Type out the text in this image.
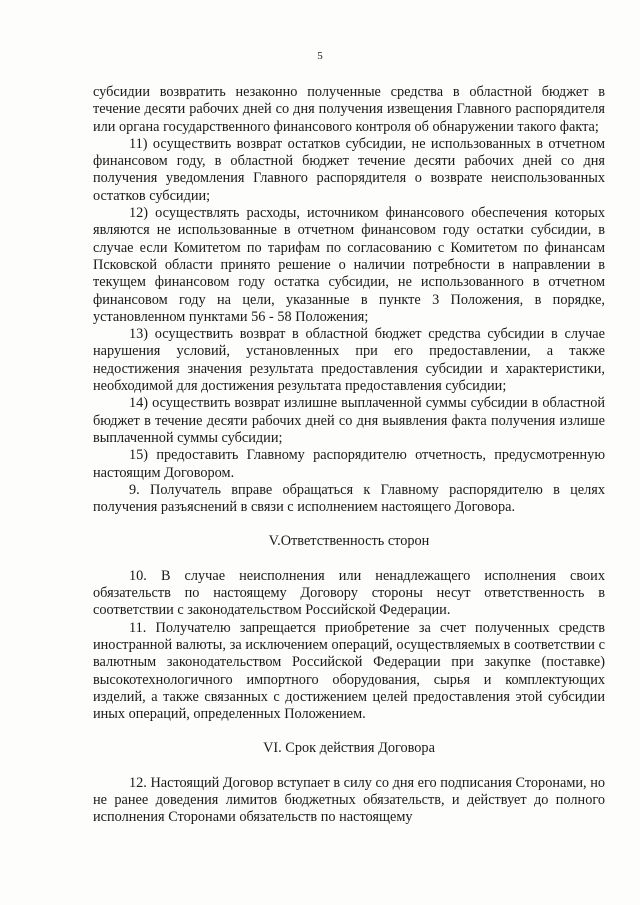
5

субсидии возвратить незаконно полученные средства в областной бюджет в течение десяти рабочих дней со дня получения извещения Главного распорядителя или органа государственного финансового контроля об обнаружении такого факта;

11) осуществить возврат остатков субсидии, не использованных в отчетном финансовом году, в областной бюджет течение десяти рабочих дней со дня получения уведомления Главного распорядителя о возврате неиспользованных остатков субсидии;

12) осуществлять расходы, источником финансового обеспечения которых являются не использованные в отчетном финансовом году остатки субсидии, в случае если Комитетом по тарифам по согласованию с Комитетом по финансам Псковской области принято решение о наличии потребности в направлении в текущем финансовом году остатка субсидии, не использованного в отчетном финансовом году на цели, указанные в пункте 3 Положения, в порядке, установленном пунктами 56 - 58 Положения;

13) осуществить возврат в областной бюджет средства субсидии в случае нарушения условий, установленных при его предоставлении, а также недостижения значения результата предоставления субсидии и характеристики, необходимой для достижения результата предоставления субсидии;

14) осуществить возврат излишне выплаченной суммы субсидии в областной бюджет в течение десяти рабочих дней со дня выявления факта получения излише выплаченной суммы субсидии;

15) предоставить Главному распорядителю отчетность, предусмотренную настоящим Договором.

9. Получатель вправе обращаться к Главному распорядителю в целях получения разъяснений в связи с исполнением настоящего Договора.

V.Ответственность сторон

10. В случае неисполнения или ненадлежащего исполнения своих обязательств по настоящему Договору стороны несут ответственность в соответствии с законодательством Российской Федерации.

11. Получателю запрещается приобретение за счет полученных средств иностранной валюты, за исключением операций, осуществляемых в соответствии с валютным законодательством Российской Федерации при закупке (поставке) высокотехнологичного импортного оборудования, сырья и комплектующих изделий, а также связанных с достижением целей предоставления этой субсидии иных операций, определенных Положением.

VI. Срок действия Договора

12. Настоящий Договор вступает в силу со дня его подписания Сторонами, но не ранее доведения лимитов бюджетных обязательств, и действует до полного исполнения Сторонами обязательств по настоящему
